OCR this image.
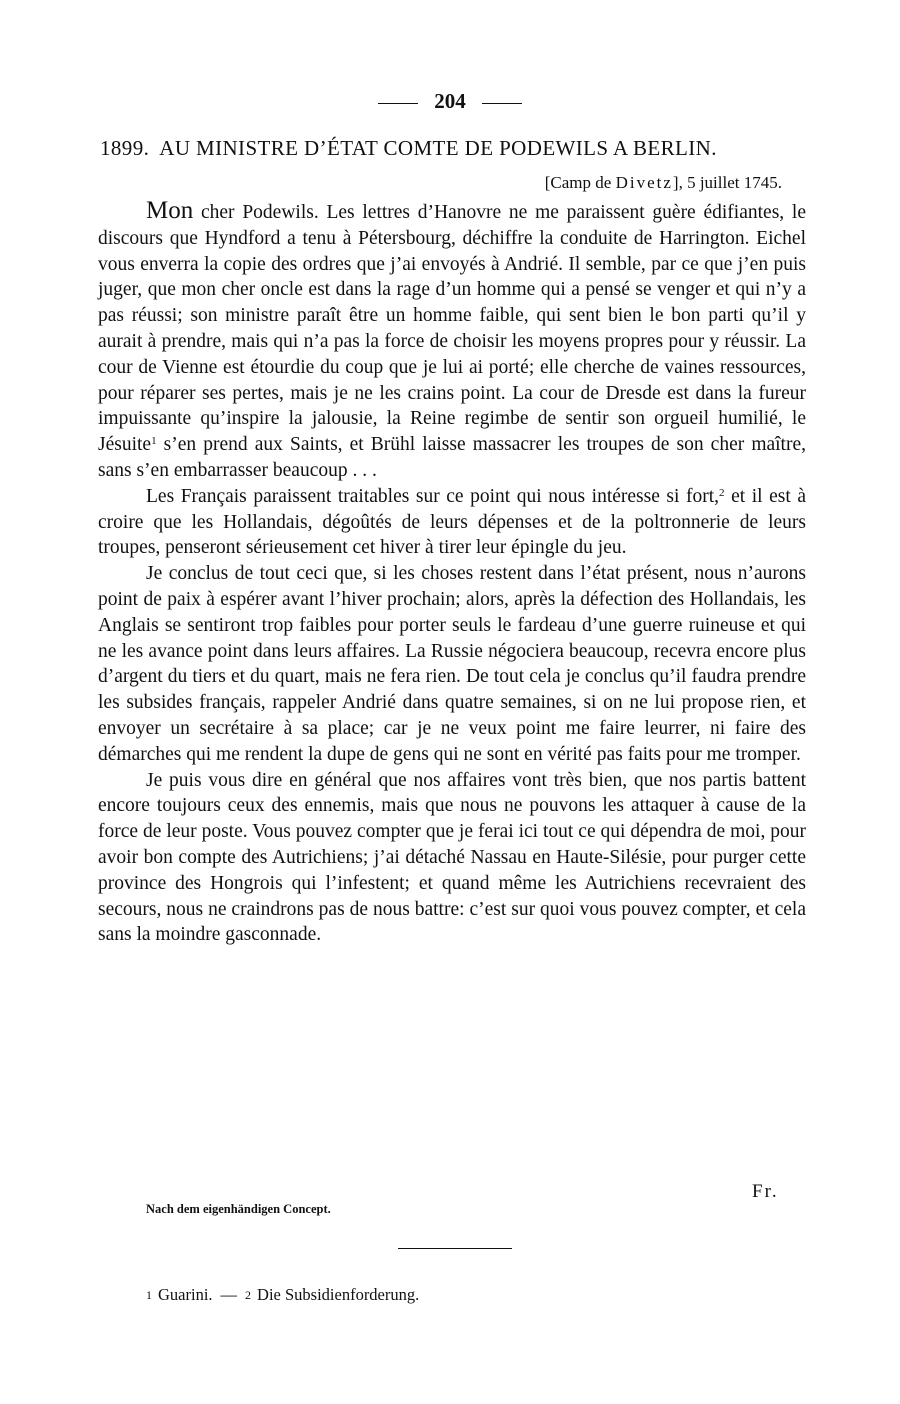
204
1899. AU MINISTRE D’ÉTAT COMTE DE PODEWILS A BERLIN.
[Camp de Divetz], 5 juillet 1745.

Mon cher Podewils. Les lettres d’Hanovre ne me paraissent guère édifiantes, le discours que Hyndford a tenu à Pétersbourg, déchiffre la conduite de Harrington. Eichel vous enverra la copie des ordres que j’ai envoyés à Andrié. Il semble, par ce que j’en puis juger, que mon cher oncle est dans la rage d’un homme qui a pensé se venger et qui n’y a pas réussi; son ministre paraît être un homme faible, qui sent bien le bon parti qu’il y aurait à prendre, mais qui n’a pas la force de choisir les moyens propres pour y réussir. La cour de Vienne est étourdie du coup que je lui ai porté; elle cherche de vaines ressources, pour réparer ses pertes, mais je ne les crains point. La cour de Dresde est dans la fureur impuissante qu’inspire la jalousie, la Reine regimbe de sentir son orgueil humilié, le Jésuite$^1$ s’en prend aux Saints, et Brühl laisse massacrer les troupes de son cher maître, sans s’en embarrasser beaucoup . . .

Les Français paraissent traitables sur ce point qui nous intéresse si fort,$^2$ et il est à croire que les Hollandais, dégoûtés de leurs dépenses et de la poltronnerie de leurs troupes, penseront sérieusement cet hiver à tirer leur épingle du jeu.

Je conclus de tout ceci que, si les choses restent dans l’état présent, nous n’aurons point de paix à espérer avant l’hiver prochain; alors, après la défection des Hollandais, les Anglais se sentiront trop faibles pour porter seuls le fardeau d’une guerre ruineuse et qui ne les avance point dans leurs affaires. La Russie négociera beaucoup, recevra encore plus d’argent du tiers et du quart, mais ne fera rien. De tout cela je conclus qu’il faudra prendre les subsides français, rappeler Andrié dans quatre semaines, si on ne lui propose rien, et envoyer un secrétaire à sa place; car je ne veux point me faire leurrer, ni faire des démarches qui me rendent la dupe de gens qui ne sont en vérité pas faits pour me tromper.

Je puis vous dire en général que nos affaires vont très bien, que nos partis battent encore toujours ceux des ennemis, mais que nous ne pouvons les attaquer à cause de la force de leur poste. Vous pouvez compter que je ferai ici tout ce qui dépendra de moi, pour avoir bon compte des Autrichiens; j’ai détaché Nassau en Haute-Silésie, pour purger cette province des Hongrois qui l’infestent; et quand même les Autrichiens recevraient des secours, nous ne craindrons pas de nous battre: c’est sur quoi vous pouvez compter, et cela sans la moindre gasconnade.

Fr.
Nach dem eigenhändigen Concept.
1 Guarini. — 2 Die Subsidienforderung.
